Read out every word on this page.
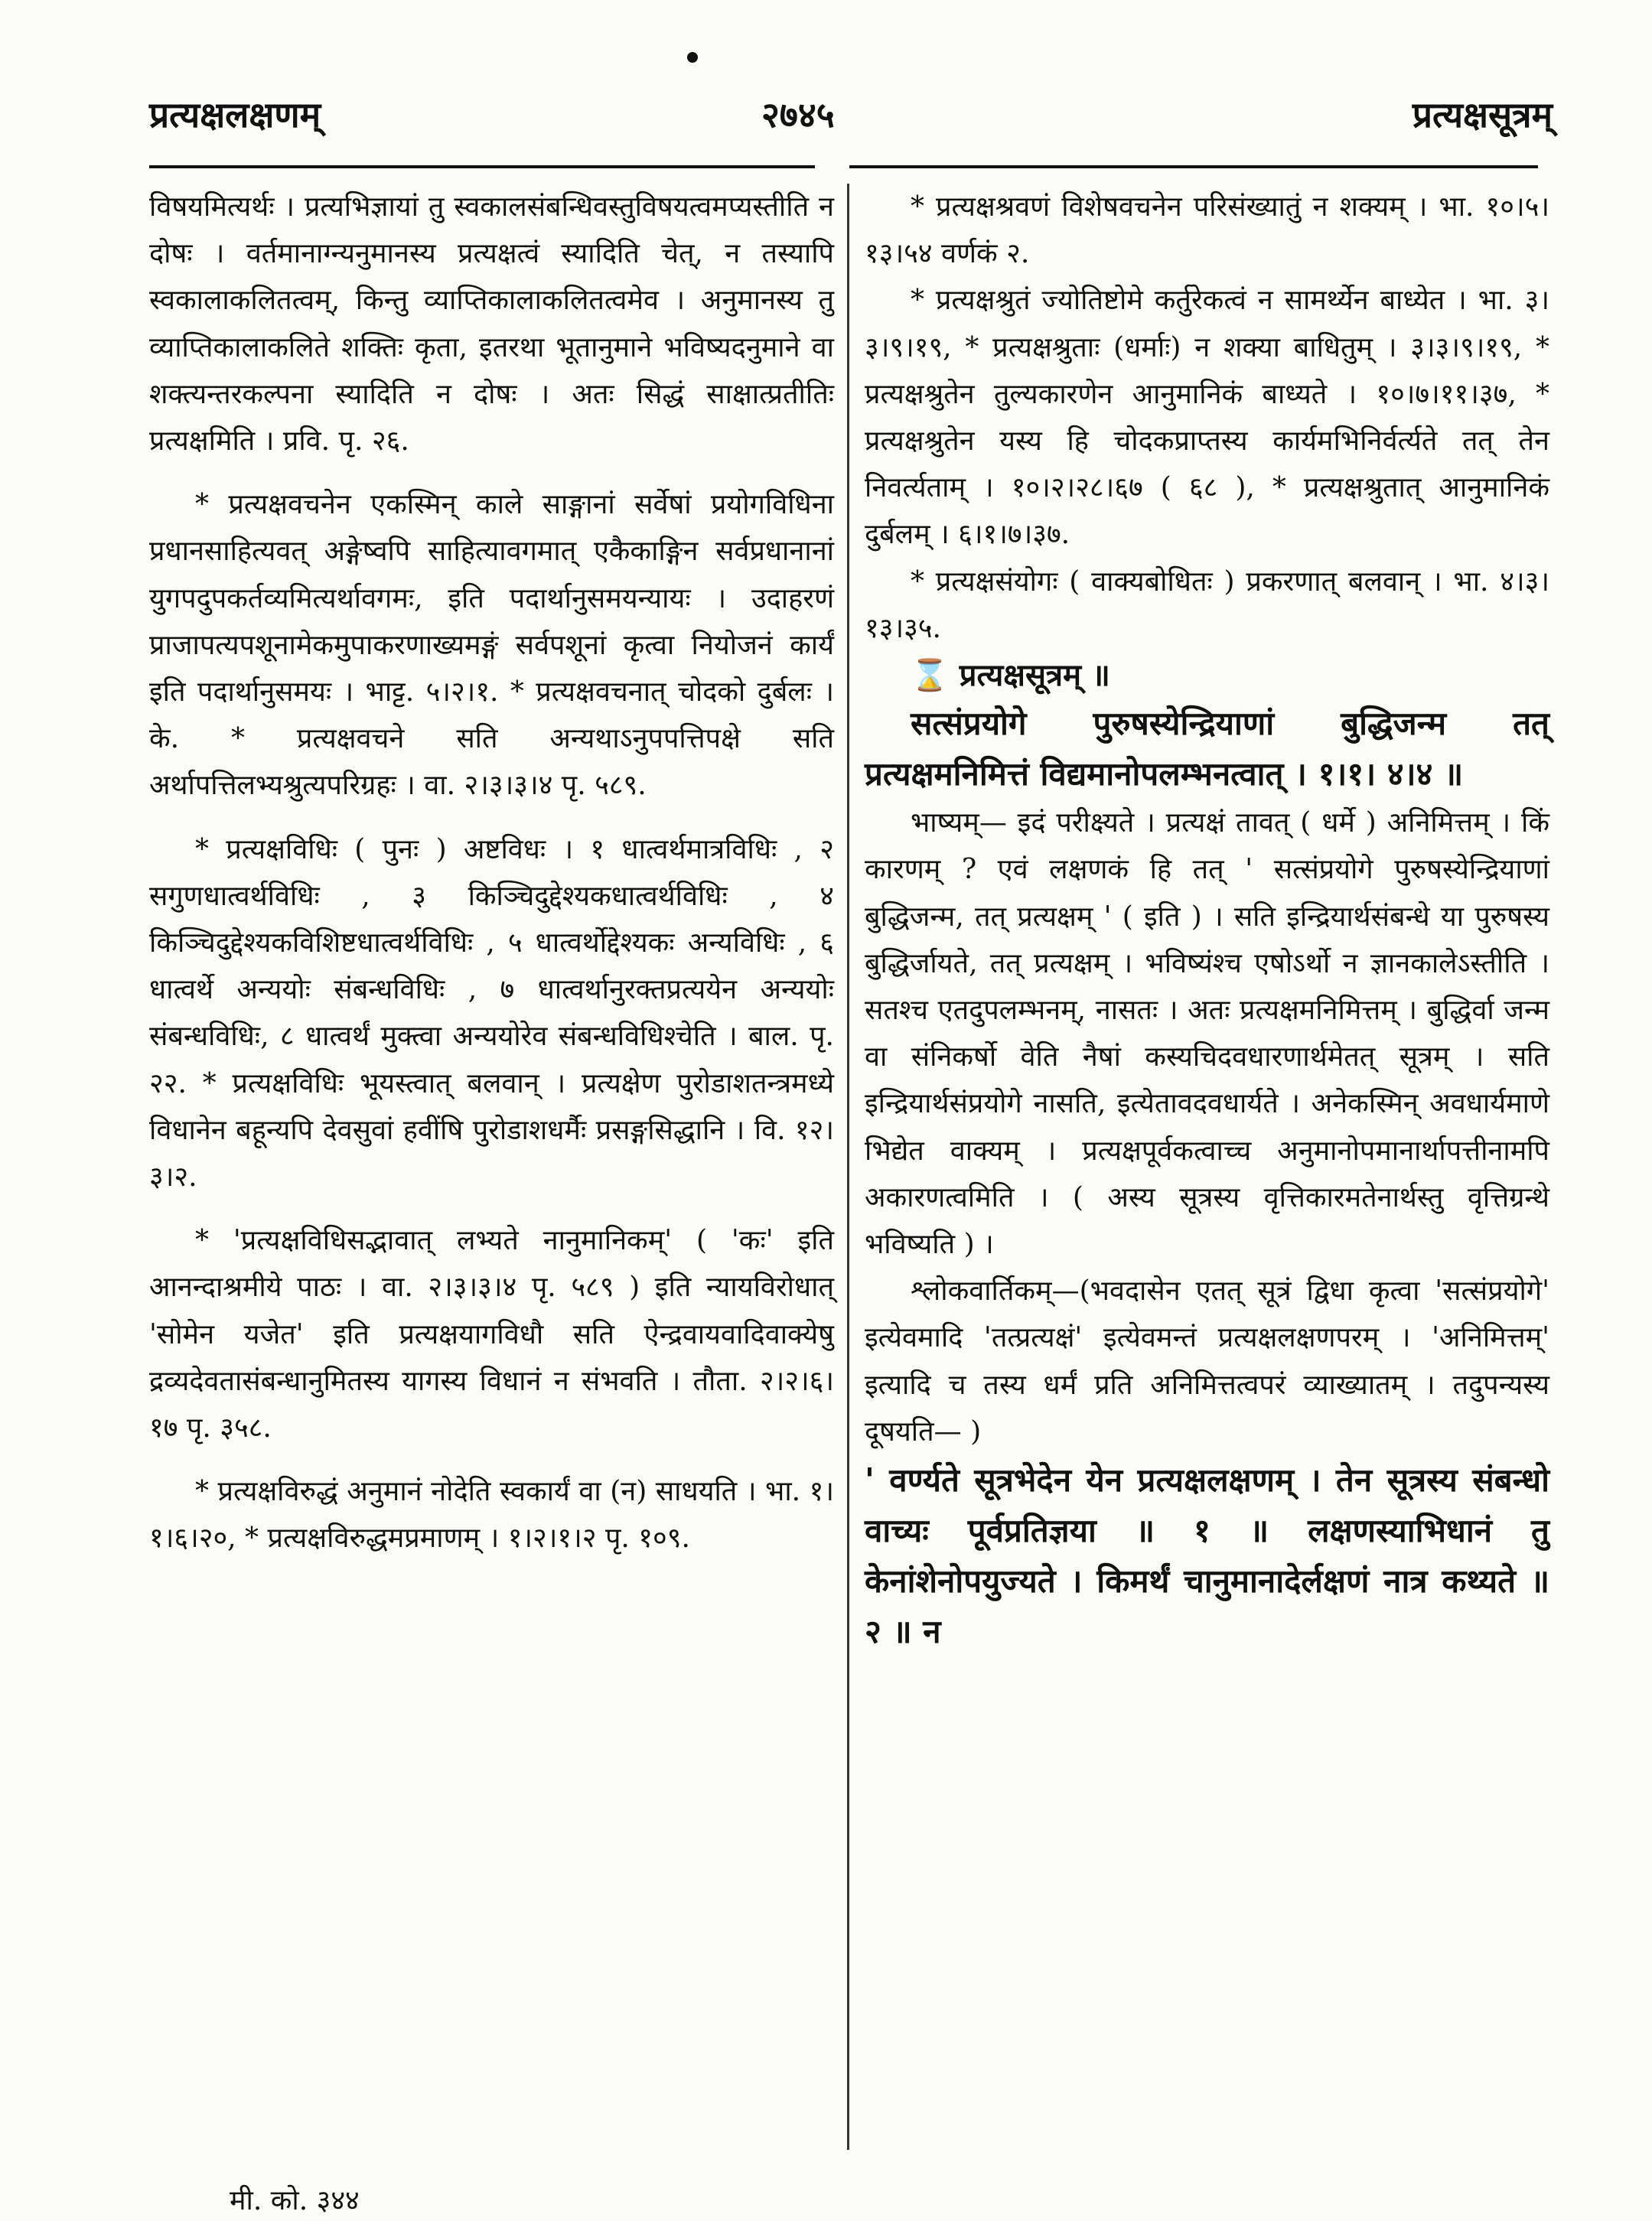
प्रत्यक्षलक्षणम्	२७४५	प्रत्यक्षसूत्रम्

विषयमित्यर्थः । प्रत्यभिज्ञायां तु स्वकालसंबन्धिवस्तुविषयत्वमप्यस्तीति न दोषः । वर्तमानाग्न्यनुमानस्य प्रत्यक्षत्वं स्यादिति चेत्, न तस्यापि स्वकालाकलितत्वम्, किन्तु व्याप्तिकालाकलितत्वमेव । अनुमानस्य तु व्याप्तिकालाकलिते शक्तिः कृता, इतरथा भूतानुमाने भविष्यदनुमाने वा शक्त्यन्तरकल्पना स्यादिति न दोषः । अतः सिद्धं साक्षात्प्रतीतिः प्रत्यक्षमिति । प्रवि. पृ. २६.

* प्रत्यक्षवचनेन एकस्मिन् काले साङ्गानां सर्वेषां प्रयोगविधिना प्रधानसाहित्यवत् अङ्गेष्वपि साहित्यावगमात् एकैकाङ्गिन सर्वप्रधानानां युगपदुपकर्तव्यमित्यर्थावगमः, इति पदार्थानुसमयन्यायः । उदाहरणं प्राजापत्यपशूनामेकमुपाकरणाख्यमङ्गं सर्वपशूनां कृत्वा नियोजनं कार्यं इति पदार्थानुसमयः । भाट्ट. ५।२।१. * प्रत्यक्षवचनात् चोदको दुर्बलः । के. * प्रत्यक्षवचने सति अन्यथाऽनुपपत्तिपक्षे सति अर्थापत्तिलभ्यश्रुत्यपरिग्रहः । वा. २।३।३।४ पृ. ५८९.

* प्रत्यक्षविधिः ( पुनः ) अष्टविधः । १ धात्वर्थमात्रविधिः , २ सगुणधात्वर्थविधिः , ३ किञ्चिदुद्देश्यकधात्वर्थविधिः , ४ किञ्चिदुद्देश्यकविशिष्टधात्वर्थविधिः , ५ धात्वर्थोद्देश्यकः अन्यविधिः , ६ धात्वर्थे अन्ययोः संबन्धविधिः , ७ धात्वर्थानुरक्तप्रत्ययेन अन्ययोः संबन्धविधिः, ८ धात्वर्थं मुक्त्वा अन्ययोरेव संबन्धविधिश्चेति । बाल. पृ. २२. * प्रत्यक्षविधिः भूयस्त्वात् बलवान् । प्रत्यक्षेण पुरोडाशतन्त्रमध्ये विधानेन बहून्यपि देवसुवां हवींषि पुरोडाशधर्मैः प्रसङ्गसिद्धानि । वि. १२।३।२.

* 'प्रत्यक्षविधिसद्भावात् लभ्यते नानुमानिकम्' ( 'कः' इति आनन्दाश्रमीये पाठः । वा. २।३।३।४ पृ. ५८९ ) इति न्यायविरोधात् 'सोमेन यजेत' इति प्रत्यक्षयागविधौ सति ऐन्द्रवायवादिवाक्येषु द्रव्यदेवतासंबन्धानुमितस्य यागस्य विधानं न संभवति । तौता. २।२।६।१७ पृ. ३५८.

* प्रत्यक्षविरुद्धं अनुमानं नोदेति स्वकार्यं वा (न) साधयति । भा. १।१।६।२०, * प्रत्यक्षविरुद्धमप्रमाणम् । १।२।१।२ पृ. १०९.

* प्रत्यक्षश्रवणं विशेषवचनेन परिसंख्यातुं न शक्यम् । भा. १०।५।१३।५४ वर्णकं २.

* प्रत्यक्षश्रुतं ज्योतिष्टोमे कर्तुरेकत्वं न सामर्थ्येन बाध्येत । भा. ३।३।९।१९, * प्रत्यक्षश्रुताः (धर्माः) न शक्या बाधितुम् । ३।३।९।१९, * प्रत्यक्षश्रुतेन तुल्यकारणेन आनुमानिकं बाध्यते । १०।७।११।३७, * प्रत्यक्षश्रुतेन यस्य हि चोदकप्राप्तस्य कार्यमभिनिर्वर्त्यते तत् तेन निवर्त्यताम् । १०।२।२८।६७ ( ६८ ), * प्रत्यक्षश्रुतात् आनुमानिकं दुर्बलम् । ६।१।७।३७.

* प्रत्यक्षसंयोगः ( वाक्यबोधितः ) प्रकरणात् बलवान् । भा. ४।३।१३।३५.

⌛ प्रत्यक्षसूत्रम् ॥

सत्संप्रयोगे पुरुषस्येन्द्रियाणां बुद्धिजन्म तत् प्रत्यक्षमनिमित्तं विद्यमानोपलम्भनत्वात् । १।१। ४।४ ॥

भाष्यम्— इदं परीक्ष्यते । प्रत्यक्षं तावत् ( धर्मे ) अनिमित्तम् । किं कारणम् ? एवं लक्षणकं हि तत् ' सत्संप्रयोगे पुरुषस्येन्द्रियाणां बुद्धिजन्म, तत् प्रत्यक्षम् ' ( इति ) । सति इन्द्रियार्थसंबन्धे या पुरुषस्य बुद्धिर्जायते, तत् प्रत्यक्षम् । भविष्यंश्च एषोऽर्थो न ज्ञानकालेऽस्तीति । सतश्च एतदुपलम्भनम्, नासतः । अतः प्रत्यक्षमनिमित्तम् । बुद्धिर्वा जन्म वा संनिकर्षो वेति नैषां कस्यचिदवधारणार्थमेतत् सूत्रम् । सति इन्द्रियार्थसंप्रयोगे नासति, इत्येतावदवधार्यते । अनेकस्मिन् अवधार्यमाणे भिद्येत वाक्यम् । प्रत्यक्षपूर्वकत्वाच्च अनुमानोपमानार्थापत्तीनामपि अकारणत्वमिति । ( अस्य सूत्रस्य वृत्तिकारमतेनार्थस्तु वृत्तिग्रन्थे भविष्यति ) ।

श्लोकवार्तिकम्—(भवदासेन एतत् सूत्रं द्विधा कृत्वा 'सत्संप्रयोगे' इत्येवमादि 'तत्प्रत्यक्षं' इत्येवमन्तं प्रत्यक्षलक्षणपरम् । 'अनिमित्तम्' इत्यादि च तस्य धर्मं प्रति अनिमित्तत्वपरं व्याख्यातम् । तदुपन्यस्य दूषयति— )

' वर्ण्यते सूत्रभेदेन येन प्रत्यक्षलक्षणम् । तेन सूत्रस्य संबन्धो वाच्यः पूर्वप्रतिज्ञया ॥ १ ॥ लक्षणस्याभिधानं तु केनांशेनोपयुज्यते । किमर्थं चानुमानादेर्लक्षणं नात्र कथ्यते ॥ २ ॥ न

मी. को. ३४४
